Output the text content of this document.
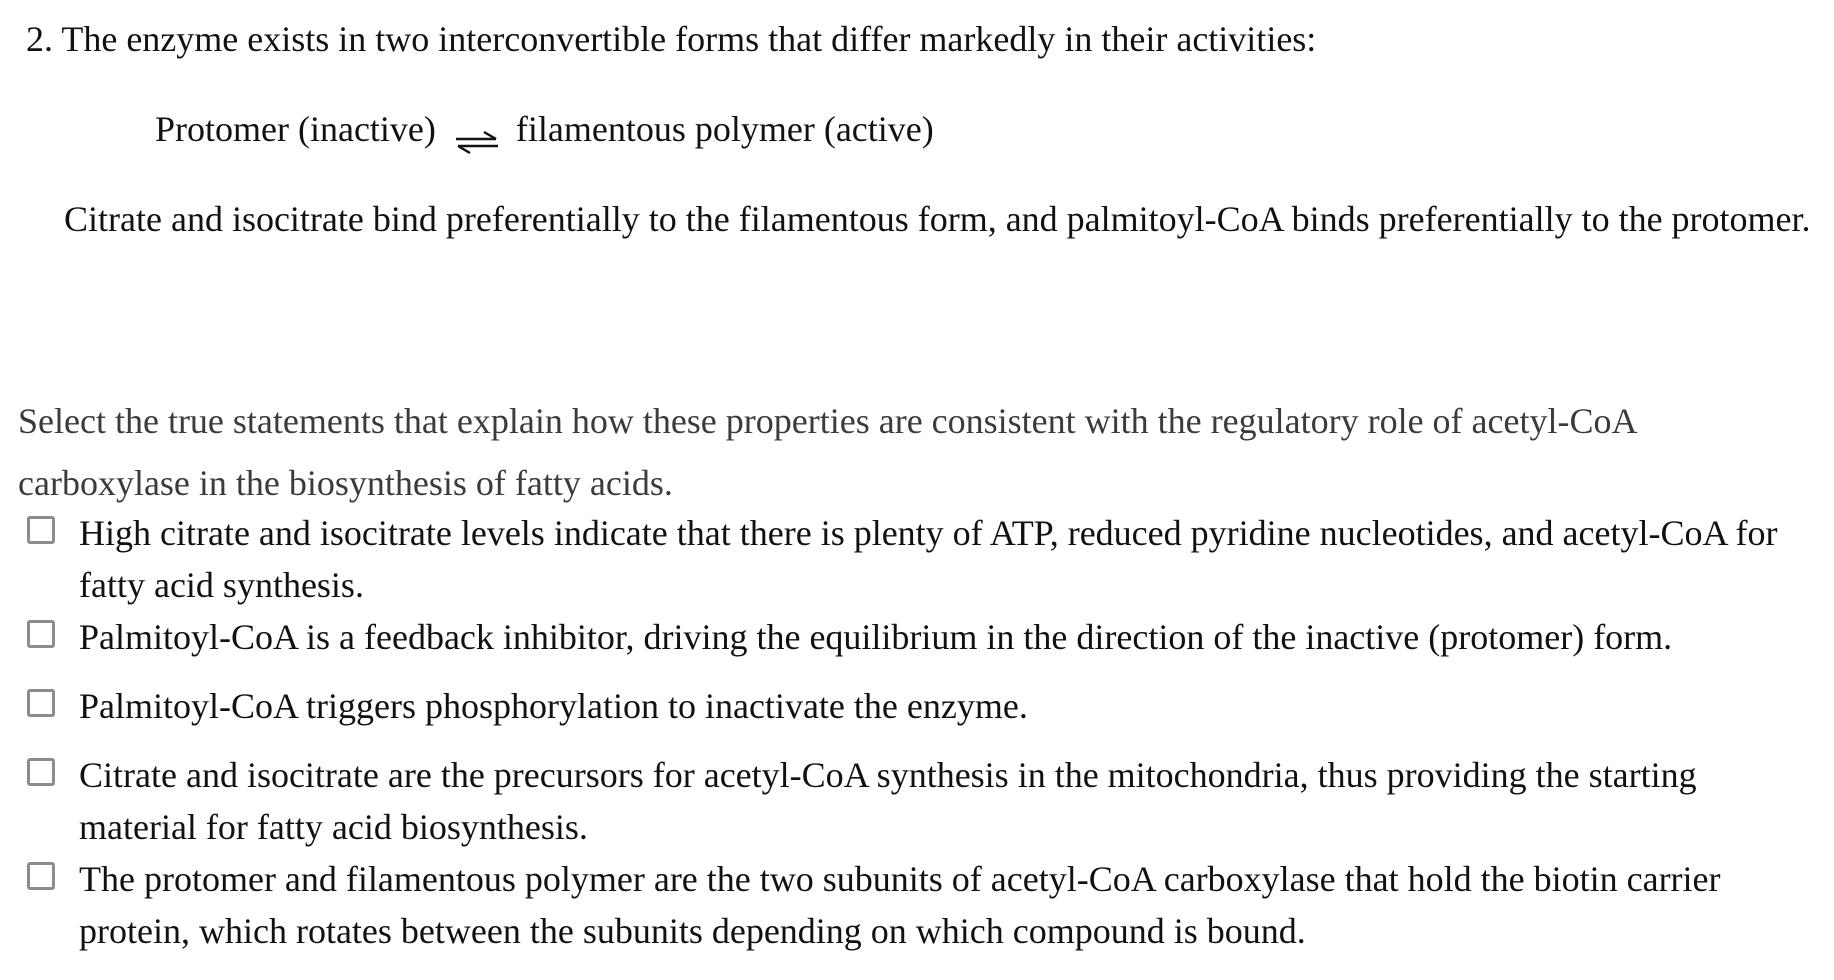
2. The enzyme exists in two interconvertible forms that differ markedly in their activities:
Protomer (inactive) filamentous polymer (active)
Citrate and isocitrate bind preferentially to the filamentous form, and palmitoyl-CoA binds preferentially to the protomer.
Select the true statements that explain how these properties are consistent with the regulatory role of acetyl-CoA carboxylase in the biosynthesis of fatty acids.
High citrate and isocitrate levels indicate that there is plenty of ATP, reduced pyridine nucleotides, and acetyl-CoA for fatty acid synthesis.
Palmitoyl-CoA is a feedback inhibitor, driving the equilibrium in the direction of the inactive (protomer) form.
Palmitoyl-CoA triggers phosphorylation to inactivate the enzyme.
Citrate and isocitrate are the precursors for acetyl-CoA synthesis in the mitochondria, thus providing the starting material for fatty acid biosynthesis.
The protomer and filamentous polymer are the two subunits of acetyl-CoA carboxylase that hold the biotin carrier protein, which rotates between the subunits depending on which compound is bound.
